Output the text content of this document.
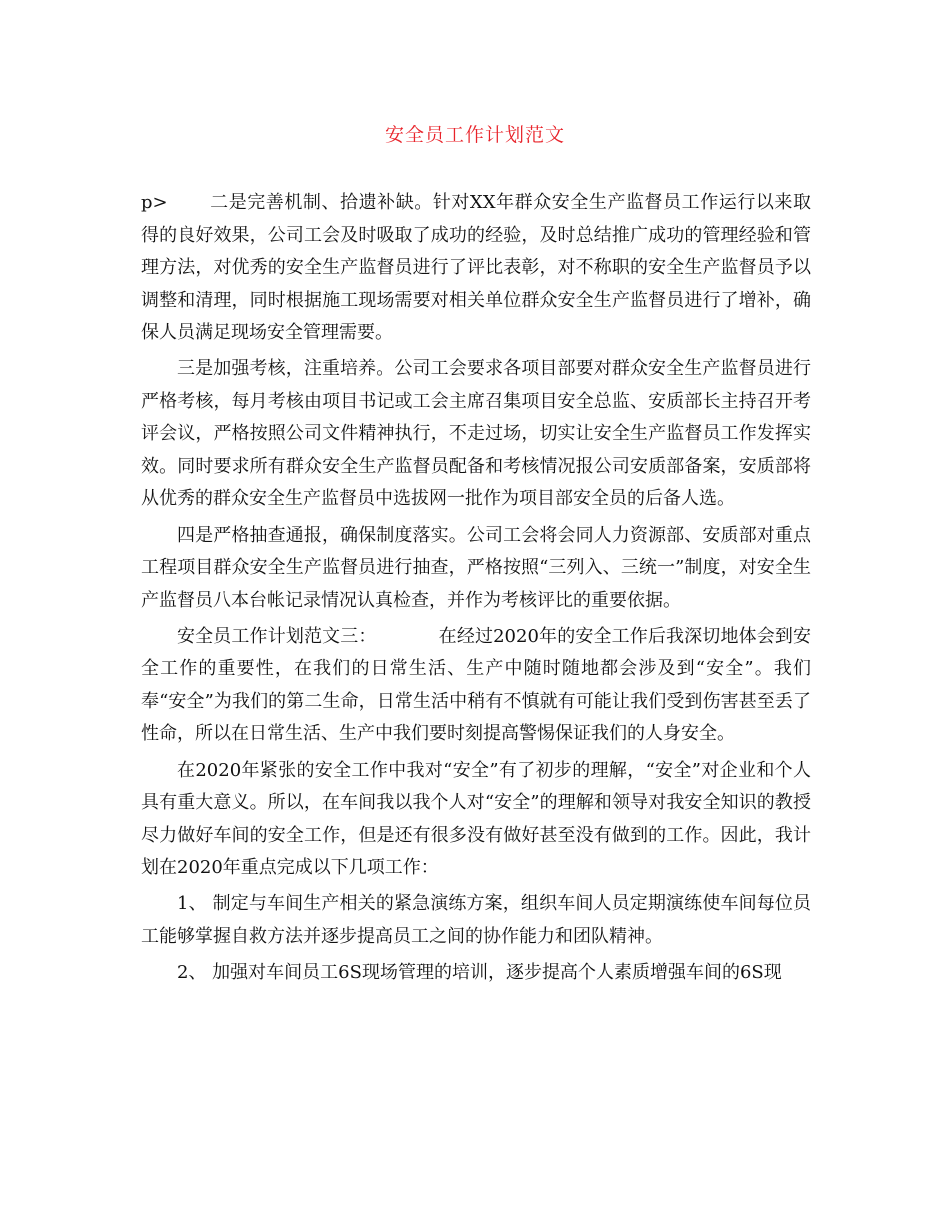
安全员工作计划范文

p> 二是完善机制、拾遗补缺。针对XX年群众安全生产监督员工作运行以来取得的良好效果，公司工会及时吸取了成功的经验，及时总结推广成功的管理经验和管理方法，对优秀的安全生产监督员进行了评比表彰，对不称职的安全生产监督员予以调整和清理，同时根据施工现场需要对相关单位群众安全生产监督员进行了增补，确保人员满足现场安全管理需要。

三是加强考核，注重培养。公司工会要求各项目部要对群众安全生产监督员进行严格考核，每月考核由项目书记或工会主席召集项目安全总监、安质部长主持召开考评会议，严格按照公司文件精神执行，不走过场，切实让安全生产监督员工作发挥实效。同时要求所有群众安全生产监督员配备和考核情况报公司安质部备案，安质部将从优秀的群众安全生产监督员中选拔网一批作为项目部安全员的后备人选。

四是严格抽查通报，确保制度落实。公司工会将会同人力资源部、安质部对重点工程项目群众安全生产监督员进行抽查，严格按照“三列入、三统一”制度，对安全生产监督员八本台帐记录情况认真检查，并作为考核评比的重要依据。

安全员工作计划范文三：	在经过2020年的安全工作后我深切地体会到安全工作的重要性，在我们的日常生活、生产中随时随地都会涉及到“安全”。我们奉“安全”为我们的第二生命，日常生活中稍有不慎就有可能让我们受到伤害甚至丢了性命，所以在日常生活、生产中我们要时刻提高警惕保证我们的人身安全。

在2020年紧张的安全工作中我对“安全”有了初步的理解，“安全”对企业和个人具有重大意义。所以，在车间我以我个人对“安全”的理解和领导对我安全知识的教授尽力做好车间的安全工作，但是还有很多没有做好甚至没有做到的工作。因此，我计划在2020年重点完成以下几项工作：

1、 制定与车间生产相关的紧急演练方案，组织车间人员定期演练使车间每位员工能够掌握自救方法并逐步提高员工之间的协作能力和团队精神。

2、 加强对车间员工6S现场管理的培训，逐步提高个人素质增强车间的6S现
